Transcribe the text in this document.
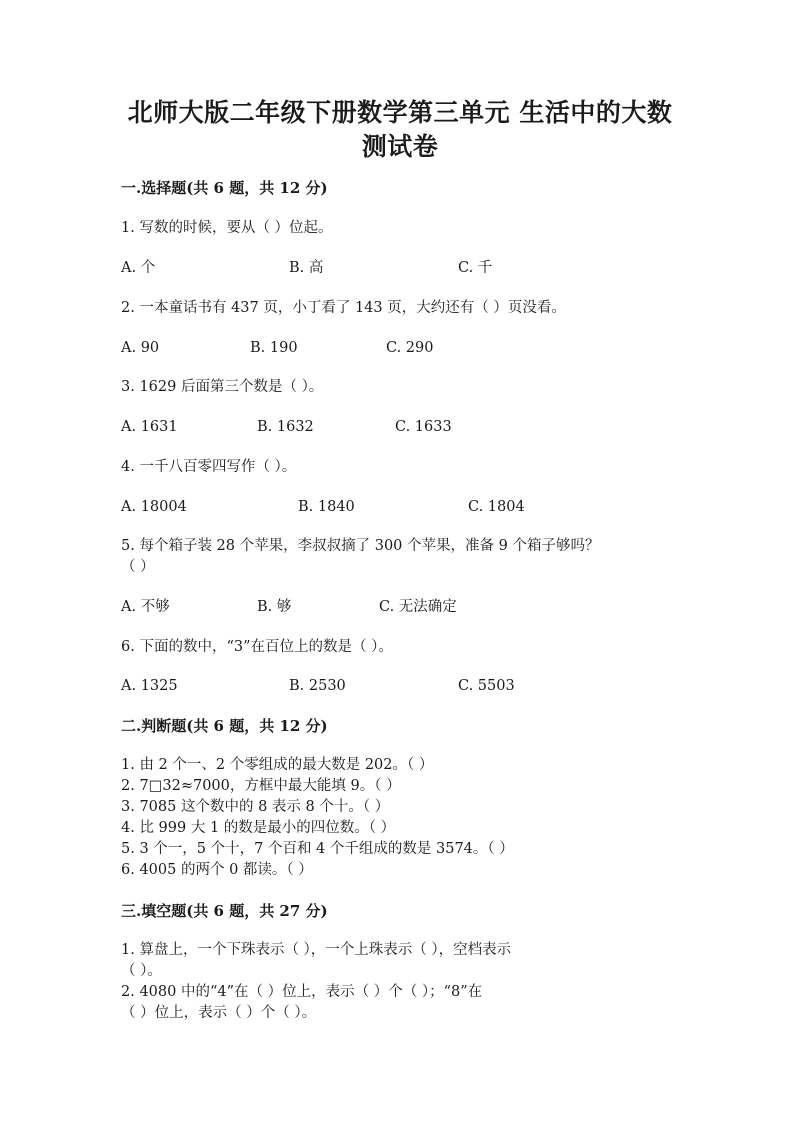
北师大版二年级下册数学第三单元 生活中的大数
测试卷
一.选择题(共 6 题，共 12 分)
1. 写数的时候，要从（ ）位起。
A. 个	B. 高	C. 千
2. 一本童话书有 437 页，小丁看了 143 页，大约还有（ ）页没看。
A. 90	B. 190	C. 290
3. 1629 后面第三个数是（ ）。
A. 1631	B. 1632	C. 1633
4. 一千八百零四写作（ ）。
A. 18004	B. 1840	C. 1804
5. 每个箱子装 28 个苹果，李叔叔摘了 300 个苹果，准备 9 个箱子够吗？
（ ）
A. 不够	B. 够	C. 无法确定
6. 下面的数中，“3”在百位上的数是（ ）。
A. 1325	B. 2530	C. 5503
二.判断题(共 6 题，共 12 分)
1. 由 2 个一、2 个零组成的最大数是 202。（ ）
2. 7□32≈7000，方框中最大能填 9。（ ）
3. 7085 这个数中的 8 表示 8 个十。（ ）
4. 比 999 大 1 的数是最小的四位数。（ ）
5. 3 个一，5 个十，7 个百和 4 个千组成的数是 3574。（ ）
6. 4005 的两个 0 都读。（ ）
三.填空题(共 6 题，共 27 分)
1. 算盘上，一个下珠表示（ ），一个上珠表示（ ），空档表示
（ ）。
2. 4080 中的“4”在（ ）位上，表示（ ）个（ ）；“8”在
（ ）位上，表示（ ）个（ ）。
